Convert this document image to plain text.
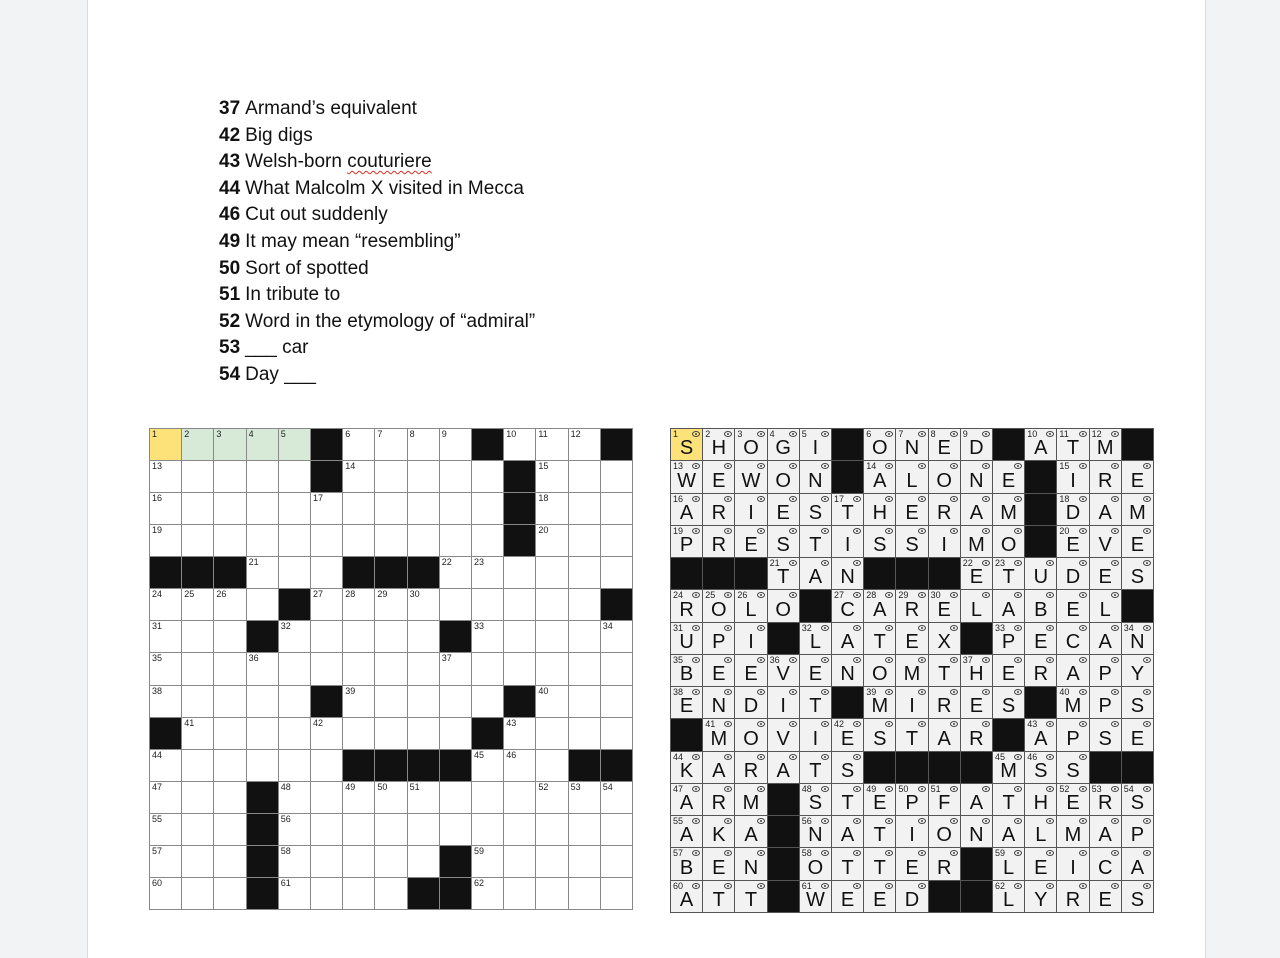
37 Armand’s equivalent
42 Big digs
43 Welsh-born couturiere
44 What Malcolm X visited in Mecca
46 Cut out suddenly
49 It may mean “resembling”
50 Sort of spotted
51 In tribute to
52 Word in the etymology of “admiral”
53 ___ car
54 Day ___
1	2	3	4	5	6	7	8	9	10 11	12
13	14	15
16	17	18
19	20
21	22 23
24 25 26	27 28 29 30
31	32	33	34
35	36	37
38	39	40
41	42	43
44	45 46
47	48	49 50 51	52 53 54
55	56
57	58	59
60	61	62
1
S
2
H
3
O
4
G
5
I
6
O
7
N
8
E
9
D
10
A
11
T
12
M
13
W E W O N
14
A L O N E
15
I	R E
16
A R	I	E S
17
T H E R A M
18
D A M
19
P R E S T	I	S S	I	M O
20
E V E
21
T A N
22
E
23
T U D E S
24
R
25
O
26
L O
27
C
28
A
29
R
30
E L A B E L
31
U P	I
32
L A T E X
33
P E C A
34
N
35
B E E
36
V E N O M T
37
H E R A P Y
38
E N D	I	T
39
M	I	R E S
40
M P S
41
M O V	I
42
E S T A R
43
A P S E
44
K A R A T S
45
M
46
S S
47
A R M
48
S T
49
E
50
P
51
F A T H
52
E
53
R
54
S
55
A K A
56
N A T	I	O N A L M A P
57
B E N
58
O T T E R
59
L E	I	C A
60
A T T
61
W E E D
62
L Y R E S
